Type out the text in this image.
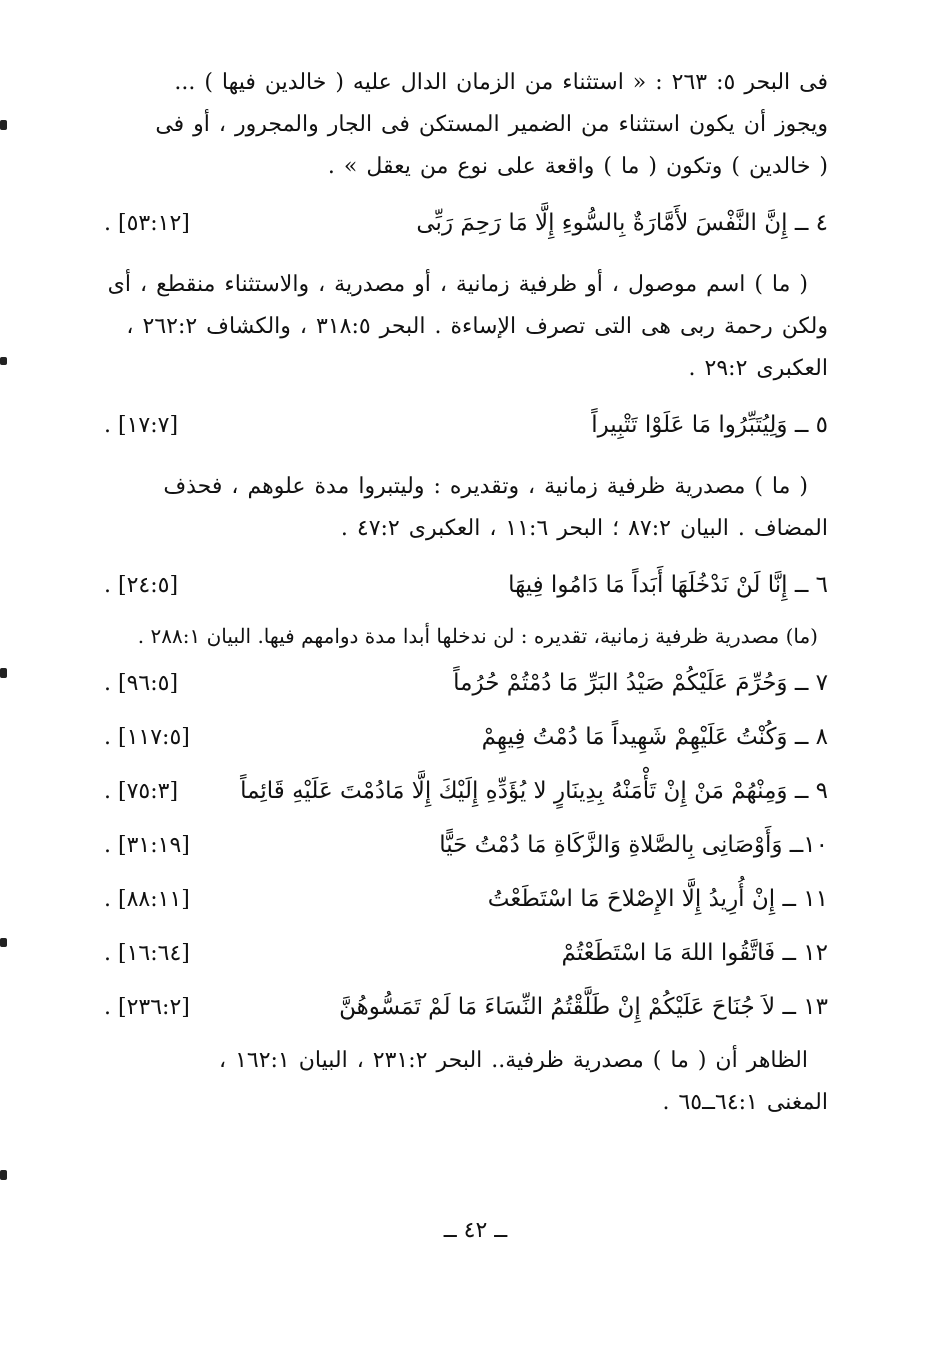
فى البحر ٥: ٢٦٣ : « استثناء من الزمان الدال عليه ( خالدين فيها ) ...
ويجوز أن يكون استثناء من الضمير المستكن فى الجار والمجرور ، أو فى
( خالدين ) وتكون ( ما ) واقعة على نوع من يعقل » .
٤ ــ إِنَّ النَّفْسَ لأَمَّارَةٌ بِالسُّوءِ إِلَّا مَا رَحِمَ رَبِّى
[٥٣:١٢] .
( ما ) اسم موصول ، أو ظرفية زمانية ، أو مصدرية ، والاستثناء منقطع ، أى
ولكن رحمة ربى هى التى تصرف الإساءة . البحر ٣١٨:٥ ، والكشاف ٢٦٢:٢ ،
العكبرى ٢٩:٢ .
٥ ــ وَلِيُتَبِّرُوا مَا عَلَوْا تَتْبِيراً
[١٧:٧] .
( ما ) مصدرية ظرفية زمانية ، وتقديره : وليتبروا مدة علوهم ، فحذف
المضاف . البيان ٨٧:٢ ؛ البحر ١١:٦ ، العكبرى ٤٧:٢ .
٦ ــ إِنَّا لَنْ نَدْخُلَهَا أَبَداً مَا دَامُوا فِيهَا
[٢٤:٥] .
(ما) مصدرية ظرفية زمانية، تقديره : لن ندخلها أبدا مدة دوامهم فيها. البيان ٢٨٨:١ .
٧ ــ وَحُرِّمَ عَلَيْكُمْ صَيْدُ البَرِّ مَا دُمْتُمْ حُرُماً
[٩٦:٥] .
٨ ــ وَكُنْتُ عَلَيْهِمْ شَهِيداً مَا دُمْتُ فِيهِمْ
[١١٧:٥] .
٩ ــ وَمِنْهُمْ مَنْ إِنْ تَأْمَنْهُ بِدِينَارٍ لا يُؤَدِّهِ إِلَيْكَ إِلَّا مَادُمْتَ عَلَيْهِ قَائِماً
[٧٥:٣] .
١٠ــ وَأَوْصَانِى بِالصَّلاةِ وَالزَّكَاةِ مَا دُمْتُ حَيًّا
[٣١:١٩] .
١١ ــ إِنْ أُرِيدُ إِلَّا الإِصْلاحَ مَا اسْتَطَعْتُ
[٨٨:١١] .
١٢ ــ فَاتَّقُوا اللهَ مَا اسْتَطَعْتُمْ
[١٦:٦٤] .
١٣ ــ لاَ جُنَاحَ عَلَيْكُمْ إِنْ طَلَّقْتُمُ النِّسَاءَ مَا لَمْ تَمَسُّوهُنَّ
[٢٣٦:٢] .
الظاهر أن ( ما ) مصدرية ظرفية.. البحر ٢٣١:٢ ، البيان ١٦٢:١ ،
المغنى ٦٤:١ــ٦٥ .
ــ ٤٢ ــ
